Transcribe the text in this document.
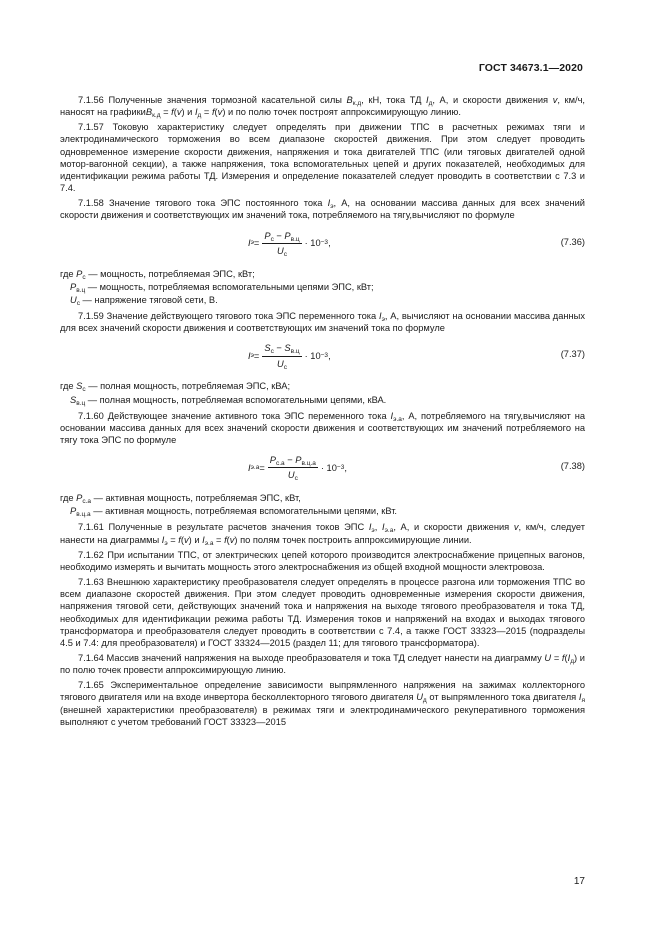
ГОСТ 34673.1—2020

7.1.56 Полученные значения тормозной касательной силы $B_{к.д}$, кН, тока ТД $I_д$, А, и скорости движения v, км/ч, наносят на графикиB$_{к.д}$ = f(v) и $I_д = f(v)$ и по полю точек построят аппроксимирующую линию.

7.1.57 Токовую характеристику следует определять при движении ТПС в расчетных режимах тяги и электродинамического торможения во всем диапазоне скоростей движения. При этом следует проводить одновременное измерение скорости движения, напряжения и тока двигателей ТПС (или тяговых двигателей одной мотор-вагонной секции), а также напряжения, тока вспомогательных цепей и других показателей, необходимых для идентификации режима работы ТД. Измерения и определение показателей следует проводить в соответствии с 7.3 и 7.4.

7.1.58 Значение тягового тока ЭПС постоянного тока $I_э$, А, на основании массива данных для всех значений скорости движения и соответствующих им значений тока, потребляемого на тягу,вычисляют по формуле

I $э = \frac{P_с - P_{в.ц}}{U_с} \cdot 10 -3$ ,	(7.36)
где $P_с$ — мощность, потребляемая ЭПС, кВт;
$P_{в.ц}$ — мощность, потребляемая вспомогательными цепями ЭПС, кВт;
$U_с$ — напряжение тяговой сети, В.

7.1.59 Значение действующего тягового тока ЭПС переменного тока $I_э$, А, вычисляют на основании массива данных для всех значений скорости движения и соответствующих им значений тока по формуле

I $э = \frac{S_с - S_{в.ц}}{U_с} \cdot 10 -3$ ,	(7.37)
где $S_с$ — полная мощность, потребляемая ЭПС, кВА;
$S_{в.ц}$ — полная мощность, потребляемая вспомогательными цепями, кВА.

7.1.60 Действующее значение активного тока ЭПС переменного тока $I_{э.а}$, А, потребляемого на тягу,вычисляют на основании массива данных для всех значений скорости движения и соответствующих им значений потребляемого на тягу тока ЭПС по формуле

I $э.а = \frac{P_{с.а} - P_{в.ц.а}}{U_с} \cdot 10 -3$ ,	(7.38)
где $P_{с.а}$ — активная мощность, потребляемая ЭПС, кВт,
$P_{в.ц.а}$ — активная мощность, потребляемая вспомогательными цепями, кВт.

7.1.61 Полученные в результате расчетов значения токов ЭПС $I_э$, $I_{э.а}$, А, и скорости движения v, км/ч, следует нанести на диаграммы $I_э = f(v)$ и $I_{э.а} = f(v)$ по полям точек построить аппроксимирующие линии.

7.1.62 При испытании ТПС, от электрических цепей которого производится электроснабжение прицепных вагонов, необходимо измерять и вычитать мощность этого электроснабжения из общей входной мощности электровоза.

7.1.63 Внешнюю характеристику преобразователя следует определять в процессе разгона или торможения ТПС во всем диапазоне скоростей движения. При этом следует проводить одновременные измерения скорости движения, напряжения тяговой сети, действующих значений тока и напряжения на выходе тягового преобразователя и тока ТД, необходимых для идентификации режима работы ТД. Измерения токов и напряжений на входах и выходах тягового трансформатора и преобразователя следует проводить в соответствии с 7.4, а также ГОСТ 33323—2015 (подразделы 4.5 и 7.4: для преобразователя) и ГОСТ 33324—2015 (раздел 11; для тягового трансформатора).

7.1.64 Массив значений напряжения на выходе преобразователя и тока ТД следует нанести на диаграмму $U = f(I_д)$ и по полю точек провести аппроксимирующую линию.

7.1.65 Экспериментальное определение зависимости выпрямленного напряжения на зажимах коллекторного тягового двигателя или на входе инвертора бесколлекторного тягового двигателя $U_д$ от выпрямленного тока двигателя $I_я$ (внешней характеристики преобразователя) в режимах тяги и электродинамического рекуперативного торможения выполняют с учетом требований ГОСТ 33323—2015

17
